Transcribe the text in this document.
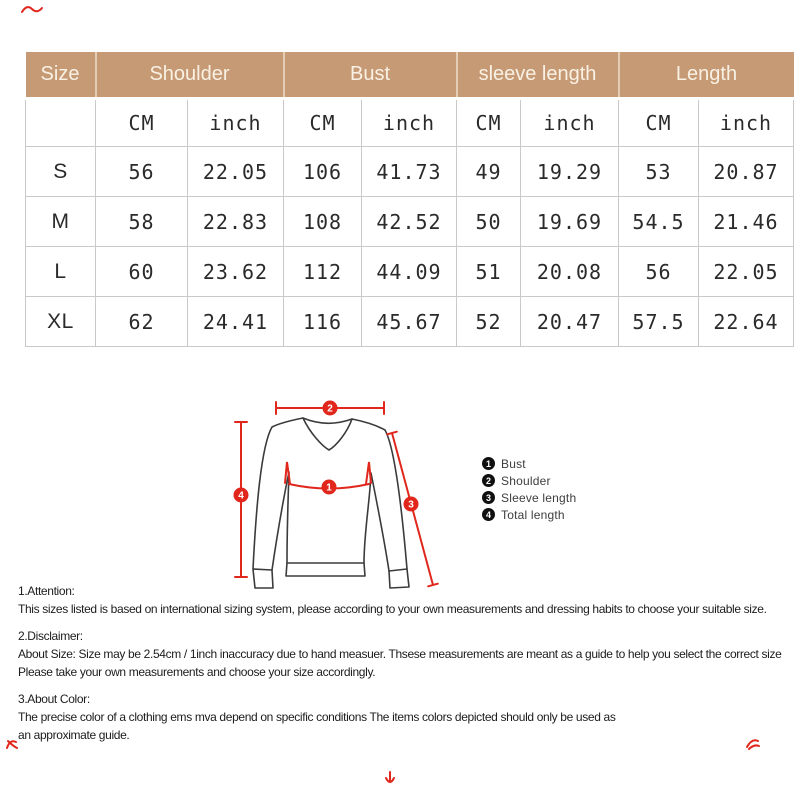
Size	Shoulder		Bust		sleeve length		Length	
	CM	inch	CM	inch	CM	inch	CM	inch
S	56	22.05	106	41.73	49	19.29	53	20.87
M	58	22.83	108	42.52	50	19.69	54.5	21.46
L	60	23.62	112	44.09	51	20.08	56	22.05
XL	62	24.41	116	45.67	52	20.47	57.5	22.64
2
4
1
3
1 Bust
2 Shoulder
3 Sleeve length
4 Total length
1.Attention:
This sizes listed is based on international sizing system, please according to your own measurements and dressing habits to choose your suitable size.
2.Disclaimer:
About Size: Size may be 2.54cm / 1inch inaccuracy due to hand measuer. Thsese measurements are meant as a guide to help you select the correct size
Please take your own measurements and choose your size accordingly.
3.About Color:
The precise color of a clothing ems mva depend on specific conditions The items colors depicted should only be used as
an approximate guide.
